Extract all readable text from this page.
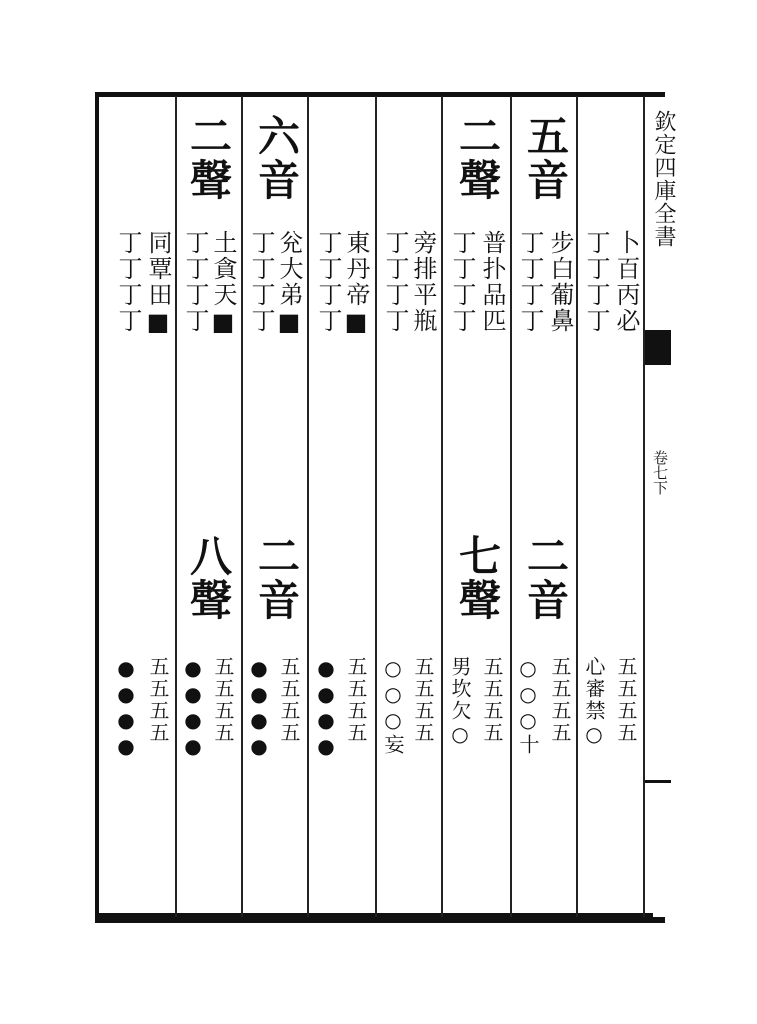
欽定四庫全書
卷七下
同覃田■
丁丁丁丁
五五五五
●●●●
二聲
土貪天■
丁丁丁丁
八聲
五五五五
●●●●
六音
兊大弟■
丁丁丁丁
二音
五五五五
●●●●
東丹帝■
丁丁丁丁
五五五五
●●●●
旁排平瓶
丁丁丁丁
五五五五
○○○妄
二聲
普扑品匹
丁丁丁丁
七聲
五五五五
男坎欠○
五音
步白葡鼻
丁丁丁丁
二音
五五五五
○○○十
卜百丙必
丁丁丁丁
五五五五
心審禁○
